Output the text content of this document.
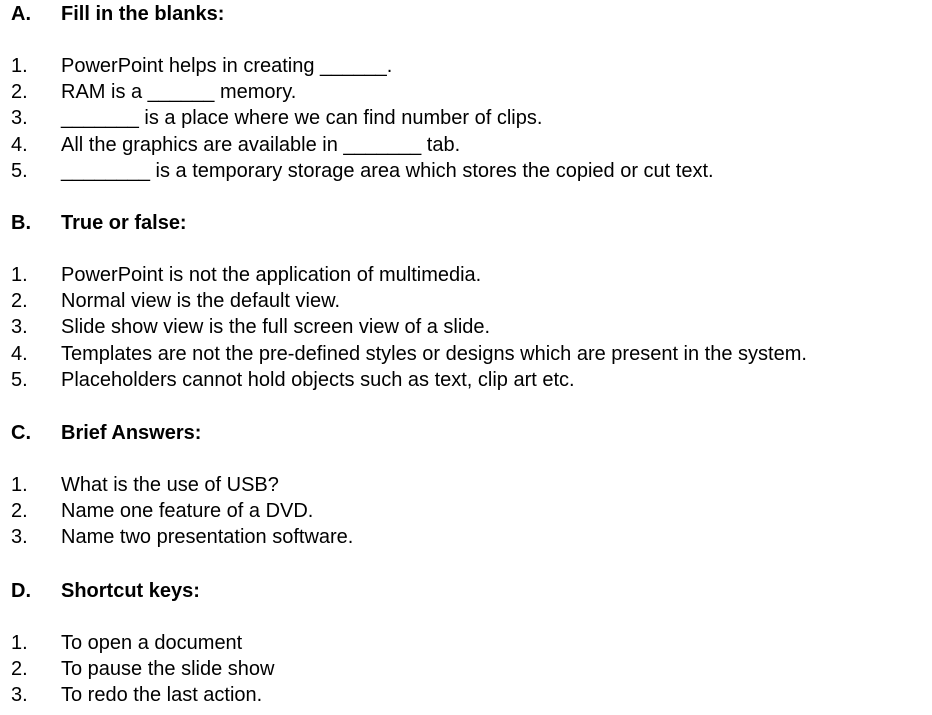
A. Fill in the blanks:
1. PowerPoint helps in creating ______.
2. RAM is a ______ memory.
3. _______ is a place where we can find number of clips.
4. All the graphics are available in _______ tab.
5. ________ is a temporary storage area which stores the copied or cut text.
B. True or false:
1. PowerPoint is not the application of multimedia.
2. Normal view is the default view.
3. Slide show view is the full screen view of a slide.
4. Templates are not the pre-defined styles or designs which are present in the system.
5. Placeholders cannot hold objects such as text, clip art etc.
C. Brief Answers:
1. What is the use of USB?
2. Name one feature of a DVD.
3. Name two presentation software.
D. Shortcut keys:
1. To open a document
2. To pause the slide show
3. To redo the last action.
